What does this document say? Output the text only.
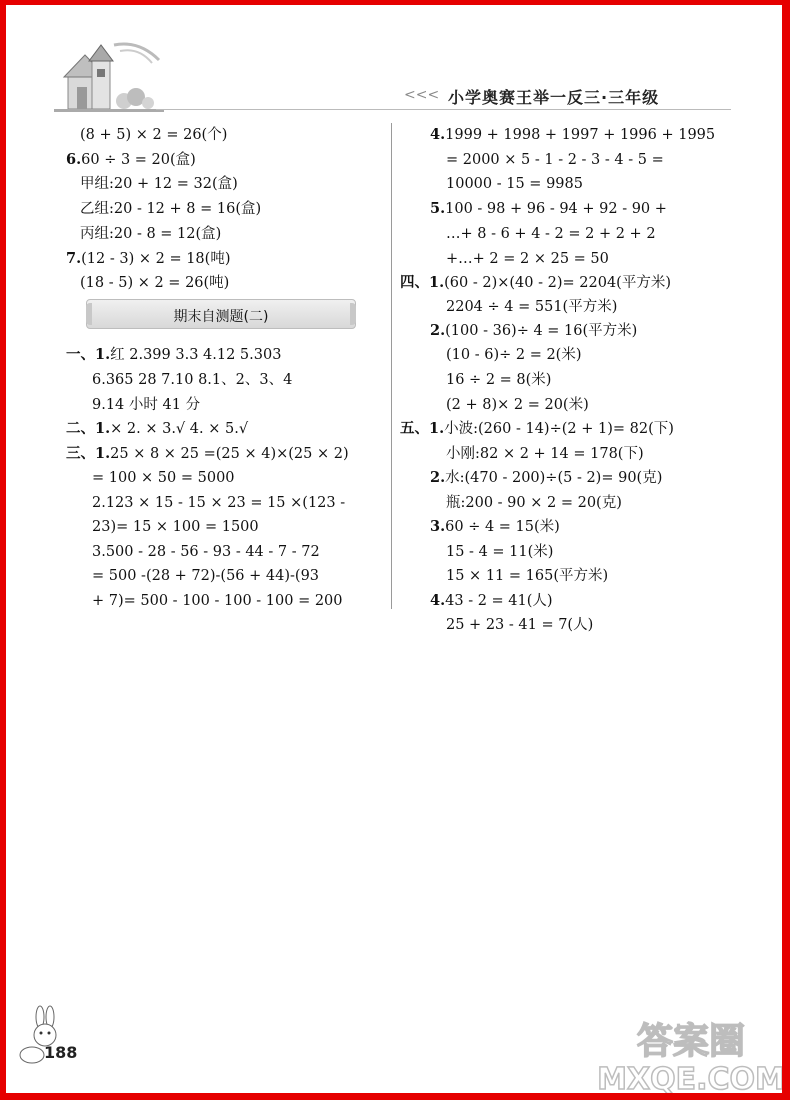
<<< 小学奥赛王举一反三·三年级
(8 + 5) × 2 = 26(个)
6.60 ÷ 3 = 20(盒)
甲组:20 + 12 = 32(盒)
乙组:20 - 12 + 8 = 16(盒)
丙组:20 - 8 = 12(盒)
7.(12 - 3) × 2 = 18(吨)
(18 - 5) × 2 = 26(吨)
一、1.红 2.399 3.3 4.12 5.303
6.365 28 7.10 8.1、2、3、4
9.14 小时 41 分
二、1.× 2. × 3.√ 4. × 5.√
三、1.25 × 8 × 25 =(25 × 4)×(25 × 2)
= 100 × 50 = 5000
2.123 × 15 - 15 × 23 = 15 ×(123 -
23)= 15 × 100 = 1500
3.500 - 28 - 56 - 93 - 44 - 7 - 72
= 500 -(28 + 72)-(56 + 44)-(93
+ 7)= 500 - 100 - 100 - 100 = 200
4.1999 + 1998 + 1997 + 1996 + 1995
= 2000 × 5 - 1 - 2 - 3 - 4 - 5 =
10000 - 15 = 9985
5.100 - 98 + 96 - 94 + 92 - 90 +
…+ 8 - 6 + 4 - 2 = 2 + 2 + 2
+…+ 2 = 2 × 25 = 50
四、1.(60 - 2)×(40 - 2)= 2204(平方米)
2204 ÷ 4 = 551(平方米)
2.(100 - 36)÷ 4 = 16(平方米)
(10 - 6)÷ 2 = 2(米)
16 ÷ 2 = 8(米)
(2 + 8)× 2 = 20(米)
五、1.小波:(260 - 14)÷(2 + 1)= 82(下)
小刚:82 × 2 + 14 = 178(下)
2.水:(470 - 200)÷(5 - 2)= 90(克)
瓶:200 - 90 × 2 = 20(克)
3.60 ÷ 4 = 15(米)
15 - 4 = 11(米)
15 × 11 = 165(平方米)
4.43 - 2 = 41(人)
25 + 23 - 41 = 7(人)
期末自测题(二)
188	答案圈
MXQE.COM
